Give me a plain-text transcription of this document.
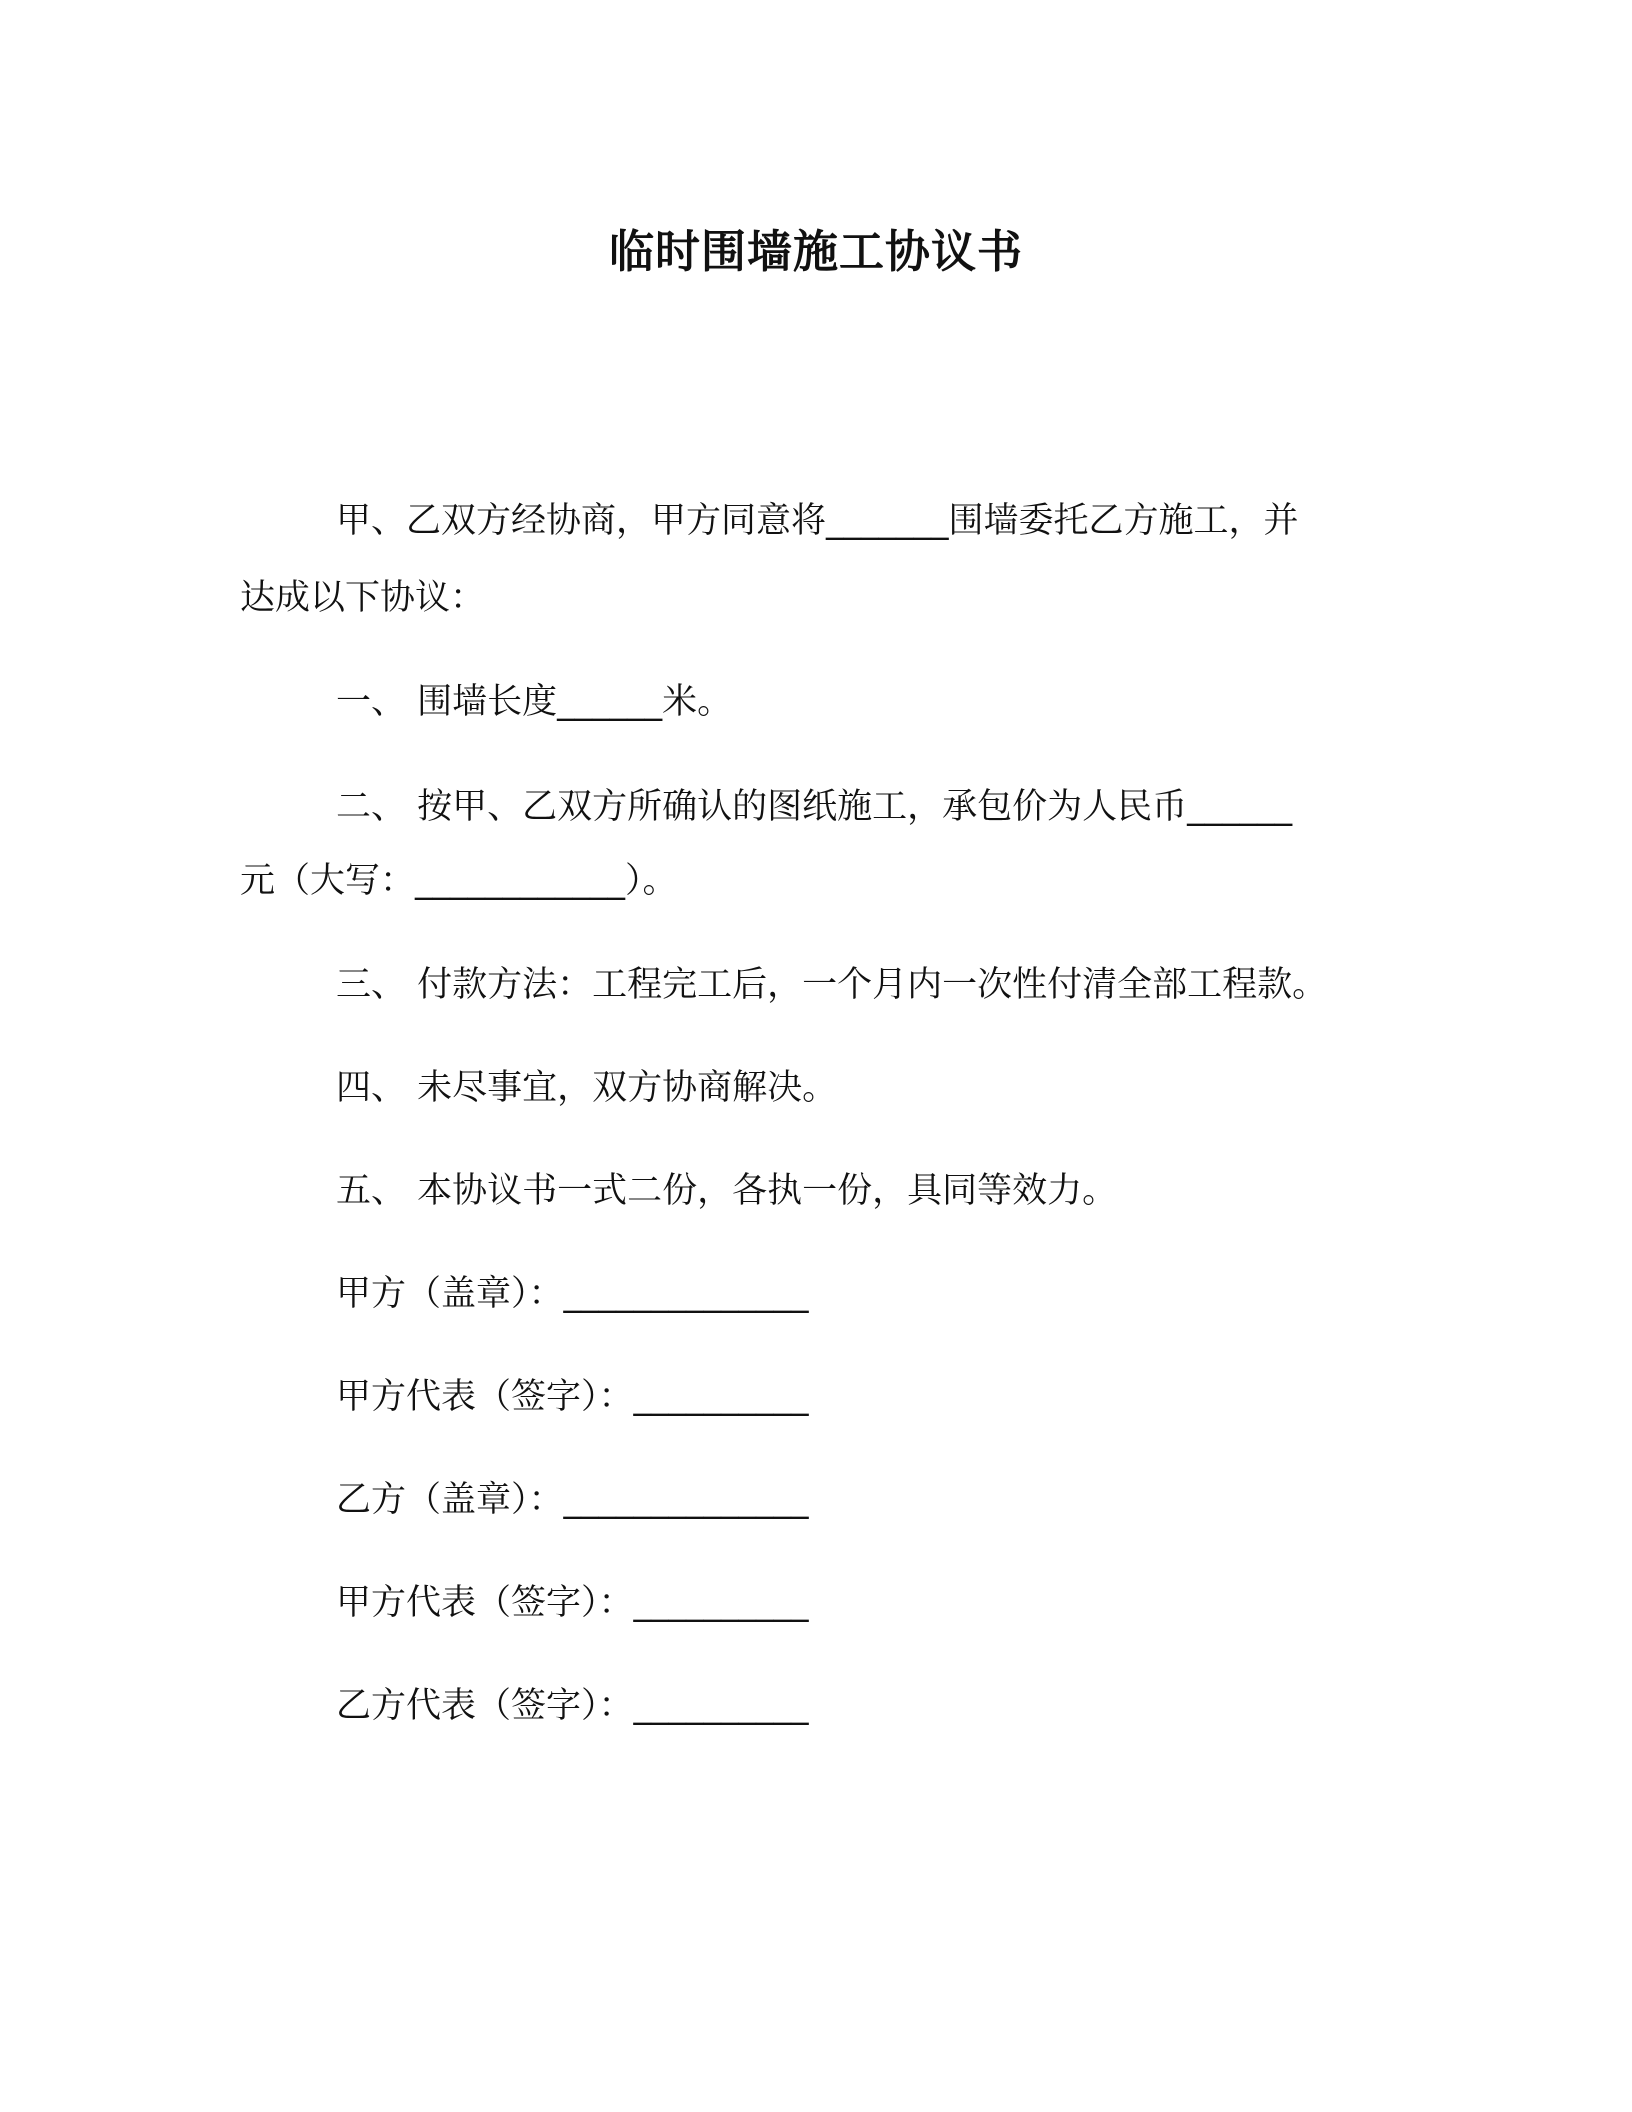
临时围墙施工协议书
甲、乙双方经协商，甲方同意将_______围墙委托乙方施工，并
达成以下协议：
一、 围墙长度______米。
二、 按甲、乙双方所确认的图纸施工，承包价为人民币______
元（大写：____________）。
三、 付款方法：工程完工后，一个月内一次性付清全部工程款。
四、 未尽事宜，双方协商解决。
五、 本协议书一式二份，各执一份，具同等效力。
甲方（盖章）：______________
甲方代表（签字）：__________
乙方（盖章）：______________
甲方代表（签字）：__________
乙方代表（签字）：__________
